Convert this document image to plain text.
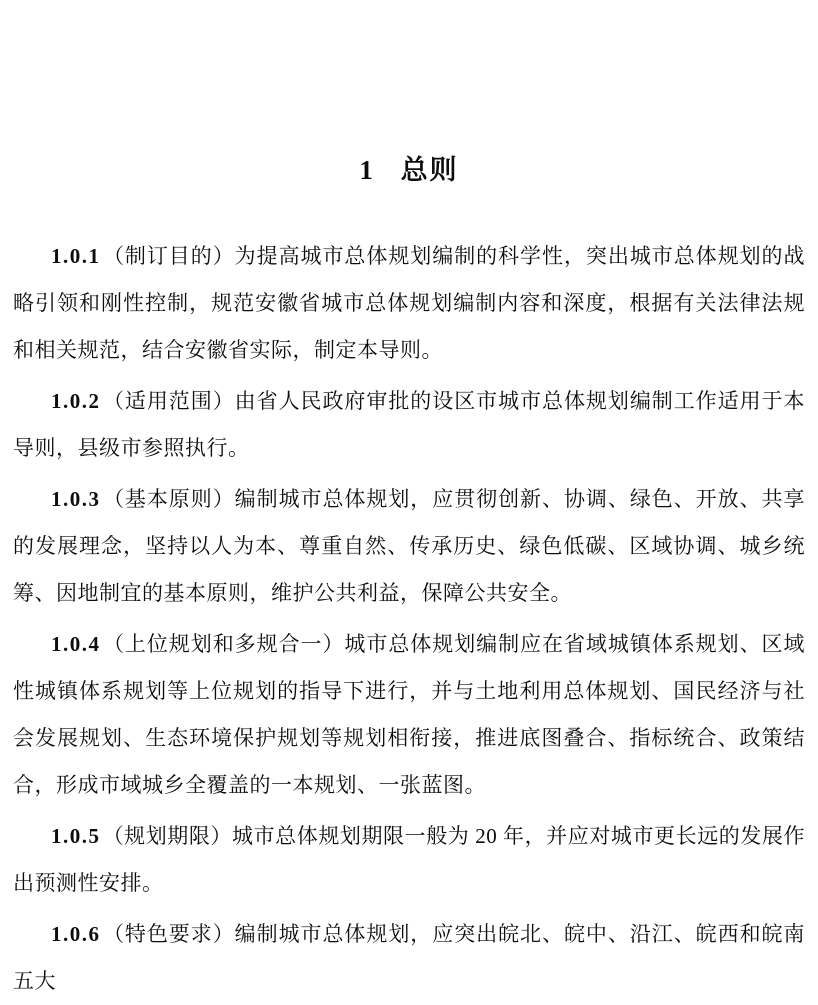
1 总则

1.0.1（制订目的）为提高城市总体规划编制的科学性，突出城市总体规划的战略引领和刚性控制，规范安徽省城市总体规划编制内容和深度，根据有关法律法规和相关规范，结合安徽省实际，制定本导则。

1.0.2（适用范围）由省人民政府审批的设区市城市总体规划编制工作适用于本导则，县级市参照执行。

1.0.3（基本原则）编制城市总体规划，应贯彻创新、协调、绿色、开放、共享的发展理念，坚持以人为本、尊重自然、传承历史、绿色低碳、区域协调、城乡统筹、因地制宜的基本原则，维护公共利益，保障公共安全。

1.0.4（上位规划和多规合一）城市总体规划编制应在省域城镇体系规划、区域性城镇体系规划等上位规划的指导下进行，并与土地利用总体规划、国民经济与社会发展规划、生态环境保护规划等规划相衔接，推进底图叠合、指标统合、政策结合，形成市域城乡全覆盖的一本规划、一张蓝图。

1.0.5（规划期限）城市总体规划期限一般为 20 年，并应对城市更长远的发展作出预测性安排。

1.0.6（特色要求）编制城市总体规划，应突出皖北、皖中、沿江、皖西和皖南五大
